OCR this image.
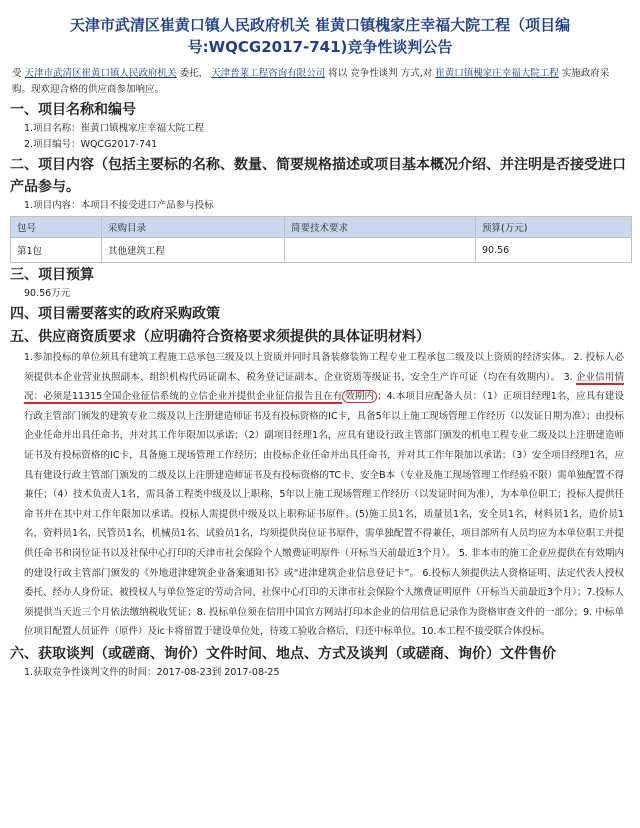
天津市武清区崔黄口镇人民政府机关 崔黄口镇槐家庄幸福大院工程（项目编号:WQCG2017-741)竞争性谈判公告
受 天津市武清区崔黄口镇人民政府机关 委托， 天津普莱工程咨询有限公司 将以 竞争性谈判 方式,对 崔黄口镇槐家庄幸福大院工程 实施政府采购。现欢迎合格的供应商参加响应。
一、项目名称和编号
1.项目名称：崔黄口镇槐家庄幸福大院工程
2.项目编号：WQCG2017-741
二、项目内容（包括主要标的名称、数量、简要规格描述或项目基本概况介绍、并注明是否接受进口产品参与。
1.项目内容：本项目不接受进口产品参与投标
包号	采购目录	简要技术要求	预算(万元)
第1包	其他建筑工程		90.56
三、项目预算
90.56万元
四、项目需要落实的政府采购政策
五、供应商资质要求（应明确符合资格要求须提供的具体证明材料）
1.参加投标的单位须具有建筑工程施工总承包三级及以上资质并同时具备装修装饰工程专业工程承包二级及以上资质的经济实体。 2. 投标人必须提供本企业营业执照副本、组织机构代码证副本、税务登记证副本、企业资质等级证书、安全生产许可证（均在有效期内）。 3. 企业信用情况：必须是11315全国企业征信系统的立信企业并提供企业征信报告且在有 效期内 ；4.本项目应配备人员：（1）正项目经理1名，应具有建设行政主管部门颁发的建筑专业二级及以上注册建造师证书及有投标资格的IC卡，具备5年以上施工现场管理工作经历（以发证日期为准）；由投标企业任命并出具任命书，并对其工作年限加以承诺；（2）副项目经理1名，应具有建设行政主管部门颁发的机电工程专业二级及以上注册建造师证书及有投标资格的IC卡，具备施工现场管理工作经历；由投标企业任命并出具任命书，并对其工作年限加以承诺；（3）安全项目经理1名，应具有建设行政主管部门颁发的二级及以上注册建造师证书及有投标资格的TC卡、安全B本（专业及施工现场管理工作经验不限）需单独配置不得兼任；（4）技术负责人1名，需具备工程类中级及以上职称，5年以上施工现场管理工作经历（以发证时间为准），为本单位职工；投标人提供任命书并在其中对工作年限加以承诺。投标人需提供中级及以上职称证书原件。(5)施工员1名，质量员1名，安全员1名，材料员1名，造价员1名，资料员1名，民管员1名，机械员1名、试验员1名，均须提供岗位证书原件，需单独配置不得兼任，项目部所有人员均应为本单位职工并提供任命书和岗位证书以及社保中心打印的天津市社会保险个人缴费证明原件（开标当天前最近3个月）。 5. 非本市的施工企业应提供在有效期内的建设行政主管部门颁发的《外地进津建筑企业备案通知书》或“进津建筑企业信息登记卡”。 6.投标人须提供法人资格证明、法定代表人授权委托、经办人身份证、被授权人与单位签定的劳动合同、社保中心打印的天津市社会保险个人缴费证明原件（开标当天前最近3个月）；7.投标人须提供当天近三个月依法缴纳税收凭证；8. 投标单位须在信用中国官方网站打印本企业的信用信息记录作为资格审查文件的一部分；9. 中标单位项目配置人员证件（原件）及ic卡将留置于建设单位处，待竣工验收合格后，归还中标单位。10.本工程不接受联合体投标。
六、获取谈判（或磋商、询价）文件时间、地点、方式及谈判（或磋商、询价）文件售价
1.获取竞争性谈判文件的时间：2017-08-23到 2017-08-25
